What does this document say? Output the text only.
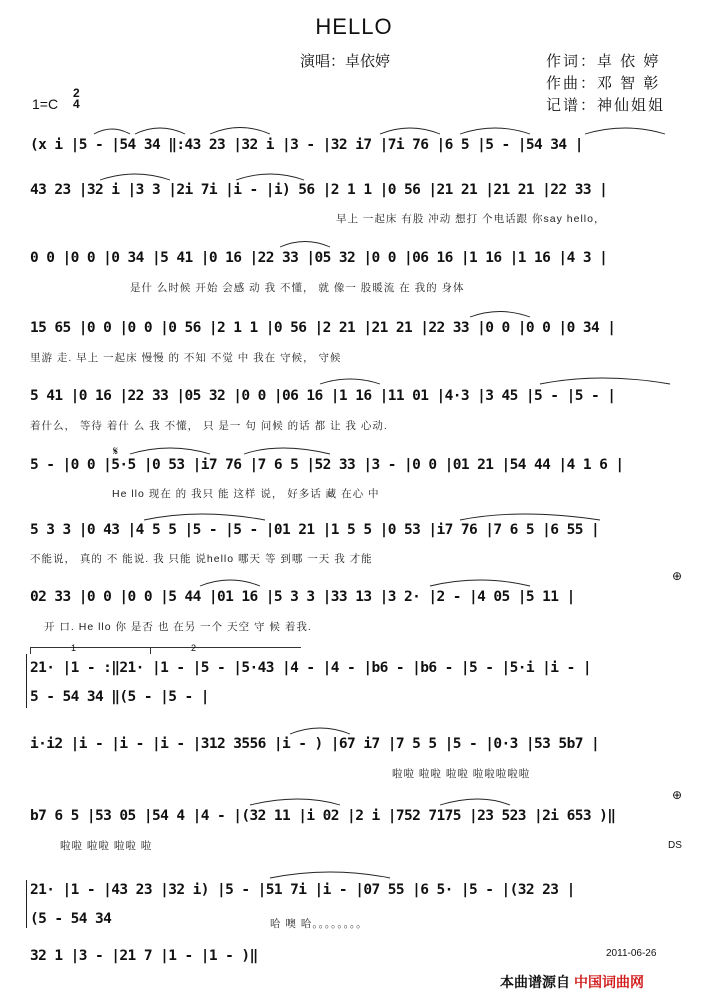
HELLO
演唱：卓依婷	作词：卓 依 婷
作曲：邓 智 彰
记谱：神仙姐姐
1=C
2
4
(x i |5 - |54 34 ‖:43 23 |32 i |3 - |32 i7 |7i 76 |6 5 |5 - |54 34 |
43 23 |32 i |3 3 |2i 7i |i - |i) 56 |2 1 1 |0 56 |21 21 |21 21 |22 33 |
早上 一起床 有股 冲动 想打 个电话跟 你say hello，
0 0 |0 0 |0 34 |5 41 |0 16 |22 33 |05 32 |0 0 |06 16 |1 16 |1 16 |4 3 |
是什 么时候 开始 会感 动 我 不懂， 就 像一 股暖流 在 我的 身体
15 65 |0 0 |0 0 |0 56 |2 1 1 |0 56 |2 21 |21 21 |22 33 |0 0 |0 0 |0 34 |
里游 走. 早上 一起床 慢慢 的 不知 不觉 中 我在 守候， 守候
5 41 |0 16 |22 33 |05 32 |0 0 |06 16 |1 16 |11 01 |4·3 |3 45 |5 - |5 - |
着什么， 等待 着什 么 我 不懂， 只 是一 句 问候 的话 都 让 我 心动.
𝄋
5 - |0 0 |5·5 |0 53 |i7 76 |7 6 5 |52 33 |3 - |0 0 |01 21 |54 44 |4 1 6 |
He llo 现在 的 我只 能 这样 说， 好多话 藏 在心 中
5 3 3 |0 43 |4 5 5 |5 - |5 - |01 21 |1 5 5 |0 53 |i7 76 |7 6 5 |6 55 |
不能说， 真的 不 能说. 我 只能 说hello 哪天 等 到哪 一天 我 才能
⊕
02 33 |0 0 |0 0 |5 44 |01 16 |5 3 3 |33 13 |3 2· |2 - |4 05 |5 11 |
开 口. He llo 你 是否 也 在另 一个 天空 守 候 着我.
1	2
21· |1 - :‖21· |1 - |5 - |5·43 |4 - |4 - |b6 - |b6 - |5 - |5·i |i - |
5 - 54 34 ‖(5 - |5 - |
i·i2 |i - |i - |i - |312 3556 |i - ) |67 i7 |7 5 5 |5 - |0·3 |53 5b7 |
啦啦 啦啦 啦啦 啦啦啦啦啦
⊕
b7 6 5 |53 05 |54 4 |4 - |(32 11 |i 02 |2 i |752 7175 |23 523 |2i 653 )‖
啦啦 啦啦 啦啦 啦	DS
21· |1 - |43 23 |32 i) |5 - |51 7i |i - |07 55 |6 5· |5 - |(32 23 |
(5 - 54 34	哈 噢 哈。。。。。。。。
32 1 |3 - |21 7 |1 - |1 - )‖	2011-06-26
本曲谱源自 中国词曲网
